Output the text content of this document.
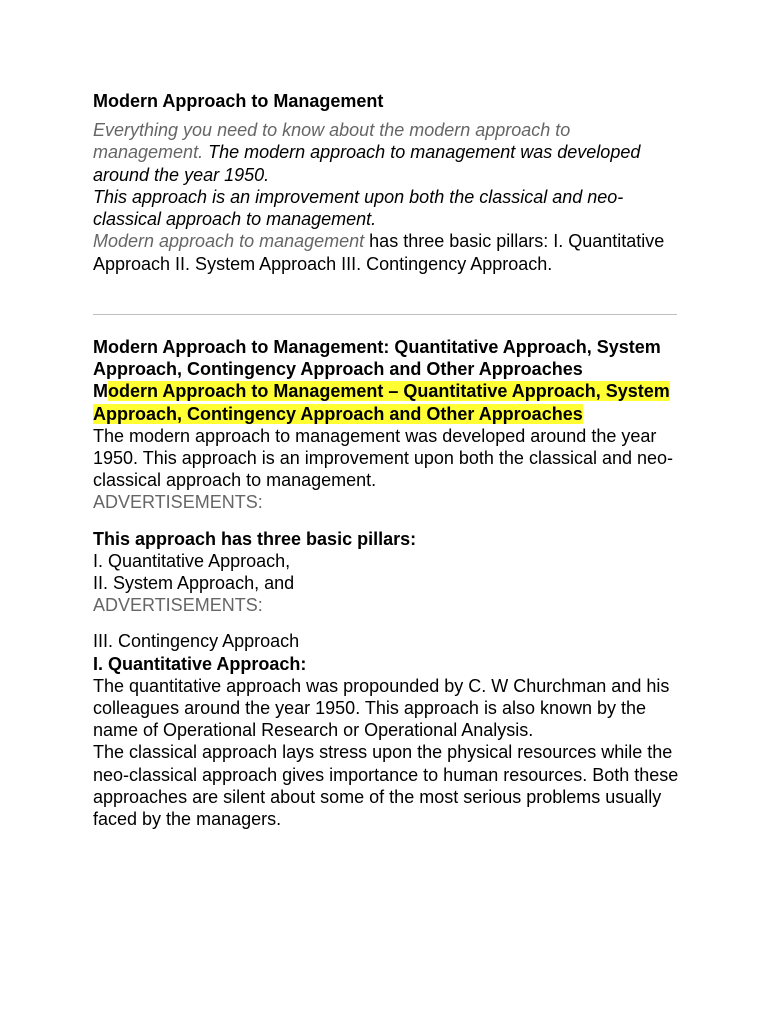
Modern Approach to Management
Everything you need to know about the modern approach to management. The modern approach to management was developed around the year 1950.
This approach is an improvement upon both the classical and neo-classical approach to management.
Modern approach to management has three basic pillars: I. Quantitative Approach II. System Approach III. Contingency Approach.
Modern Approach to Management: Quantitative Approach, System Approach, Contingency Approach and Other Approaches
Modern Approach to Management – Quantitative Approach, System Approach, Contingency Approach and Other Approaches
The modern approach to management was developed around the year 1950. This approach is an improvement upon both the classical and neo-classical approach to management.
ADVERTISEMENTS:
This approach has three basic pillars:
I. Quantitative Approach,
II. System Approach, and
ADVERTISEMENTS:
III. Contingency Approach
I. Quantitative Approach:
The quantitative approach was propounded by C. W Churchman and his colleagues around the year 1950. This approach is also known by the name of Operational Research or Operational Analysis.
The classical approach lays stress upon the physical resources while the neo-classical approach gives importance to human resources. Both these approaches are silent about some of the most serious problems usually faced by the managers.
